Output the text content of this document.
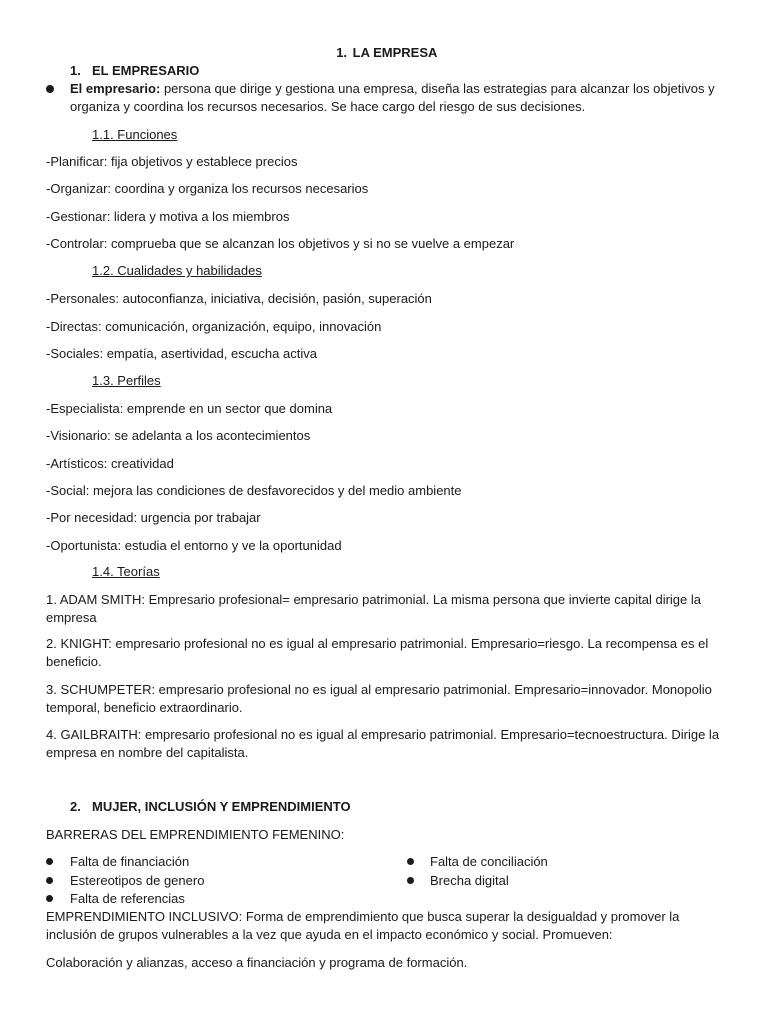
1. LA EMPRESA
1. EL EMPRESARIO
El empresario: persona que dirige y gestiona una empresa, diseña las estrategias para alcanzar los objetivos y
organiza y coordina los recursos necesarios. Se hace cargo del riesgo de sus decisiones.
1.1. Funciones
-Planificar: fija objetivos y establece precios
-Organizar: coordina y organiza los recursos necesarios
-Gestionar: lidera y motiva a los miembros
-Controlar: comprueba que se alcanzan los objetivos y si no se vuelve a empezar
1.2. Cualidades y habilidades
-Personales: autoconfianza, iniciativa, decisión, pasión, superación
-Directas: comunicación, organización, equipo, innovación
-Sociales: empatía, asertividad, escucha activa
1.3. Perfiles
-Especialista: emprende en un sector que domina
-Visionario: se adelanta a los acontecimientos
-Artísticos: creatividad
-Social: mejora las condiciones de desfavorecidos y del medio ambiente
-Por necesidad: urgencia por trabajar
-Oportunista: estudia el entorno y ve la oportunidad
1.4. Teorías
1. ADAM SMITH: Empresario profesional= empresario patrimonial. La misma persona que invierte capital dirige la empresa
2. KNIGHT: empresario profesional no es igual al empresario patrimonial. Empresario=riesgo. La recompensa es el beneficio.
3. SCHUMPETER: empresario profesional no es igual al empresario patrimonial. Empresario=innovador. Monopolio temporal, beneficio extraordinario.
4. GAILBRAITH: empresario profesional no es igual al empresario patrimonial. Empresario=tecnoestructura. Dirige la empresa en nombre del capitalista.
2. MUJER, INCLUSIÓN Y EMPRENDIMIENTO
BARRERAS DEL EMPRENDIMIENTO FEMENINO:
Falta de financiación
Estereotipos de genero
Falta de referencias
Falta de conciliación
Brecha digital
EMPRENDIMIENTO INCLUSIVO: Forma de emprendimiento que busca superar la desigualdad y promover la inclusión de grupos vulnerables a la vez que ayuda en el impacto económico y social. Promueven:
Colaboración y alianzas, acceso a financiación y programa de formación.
